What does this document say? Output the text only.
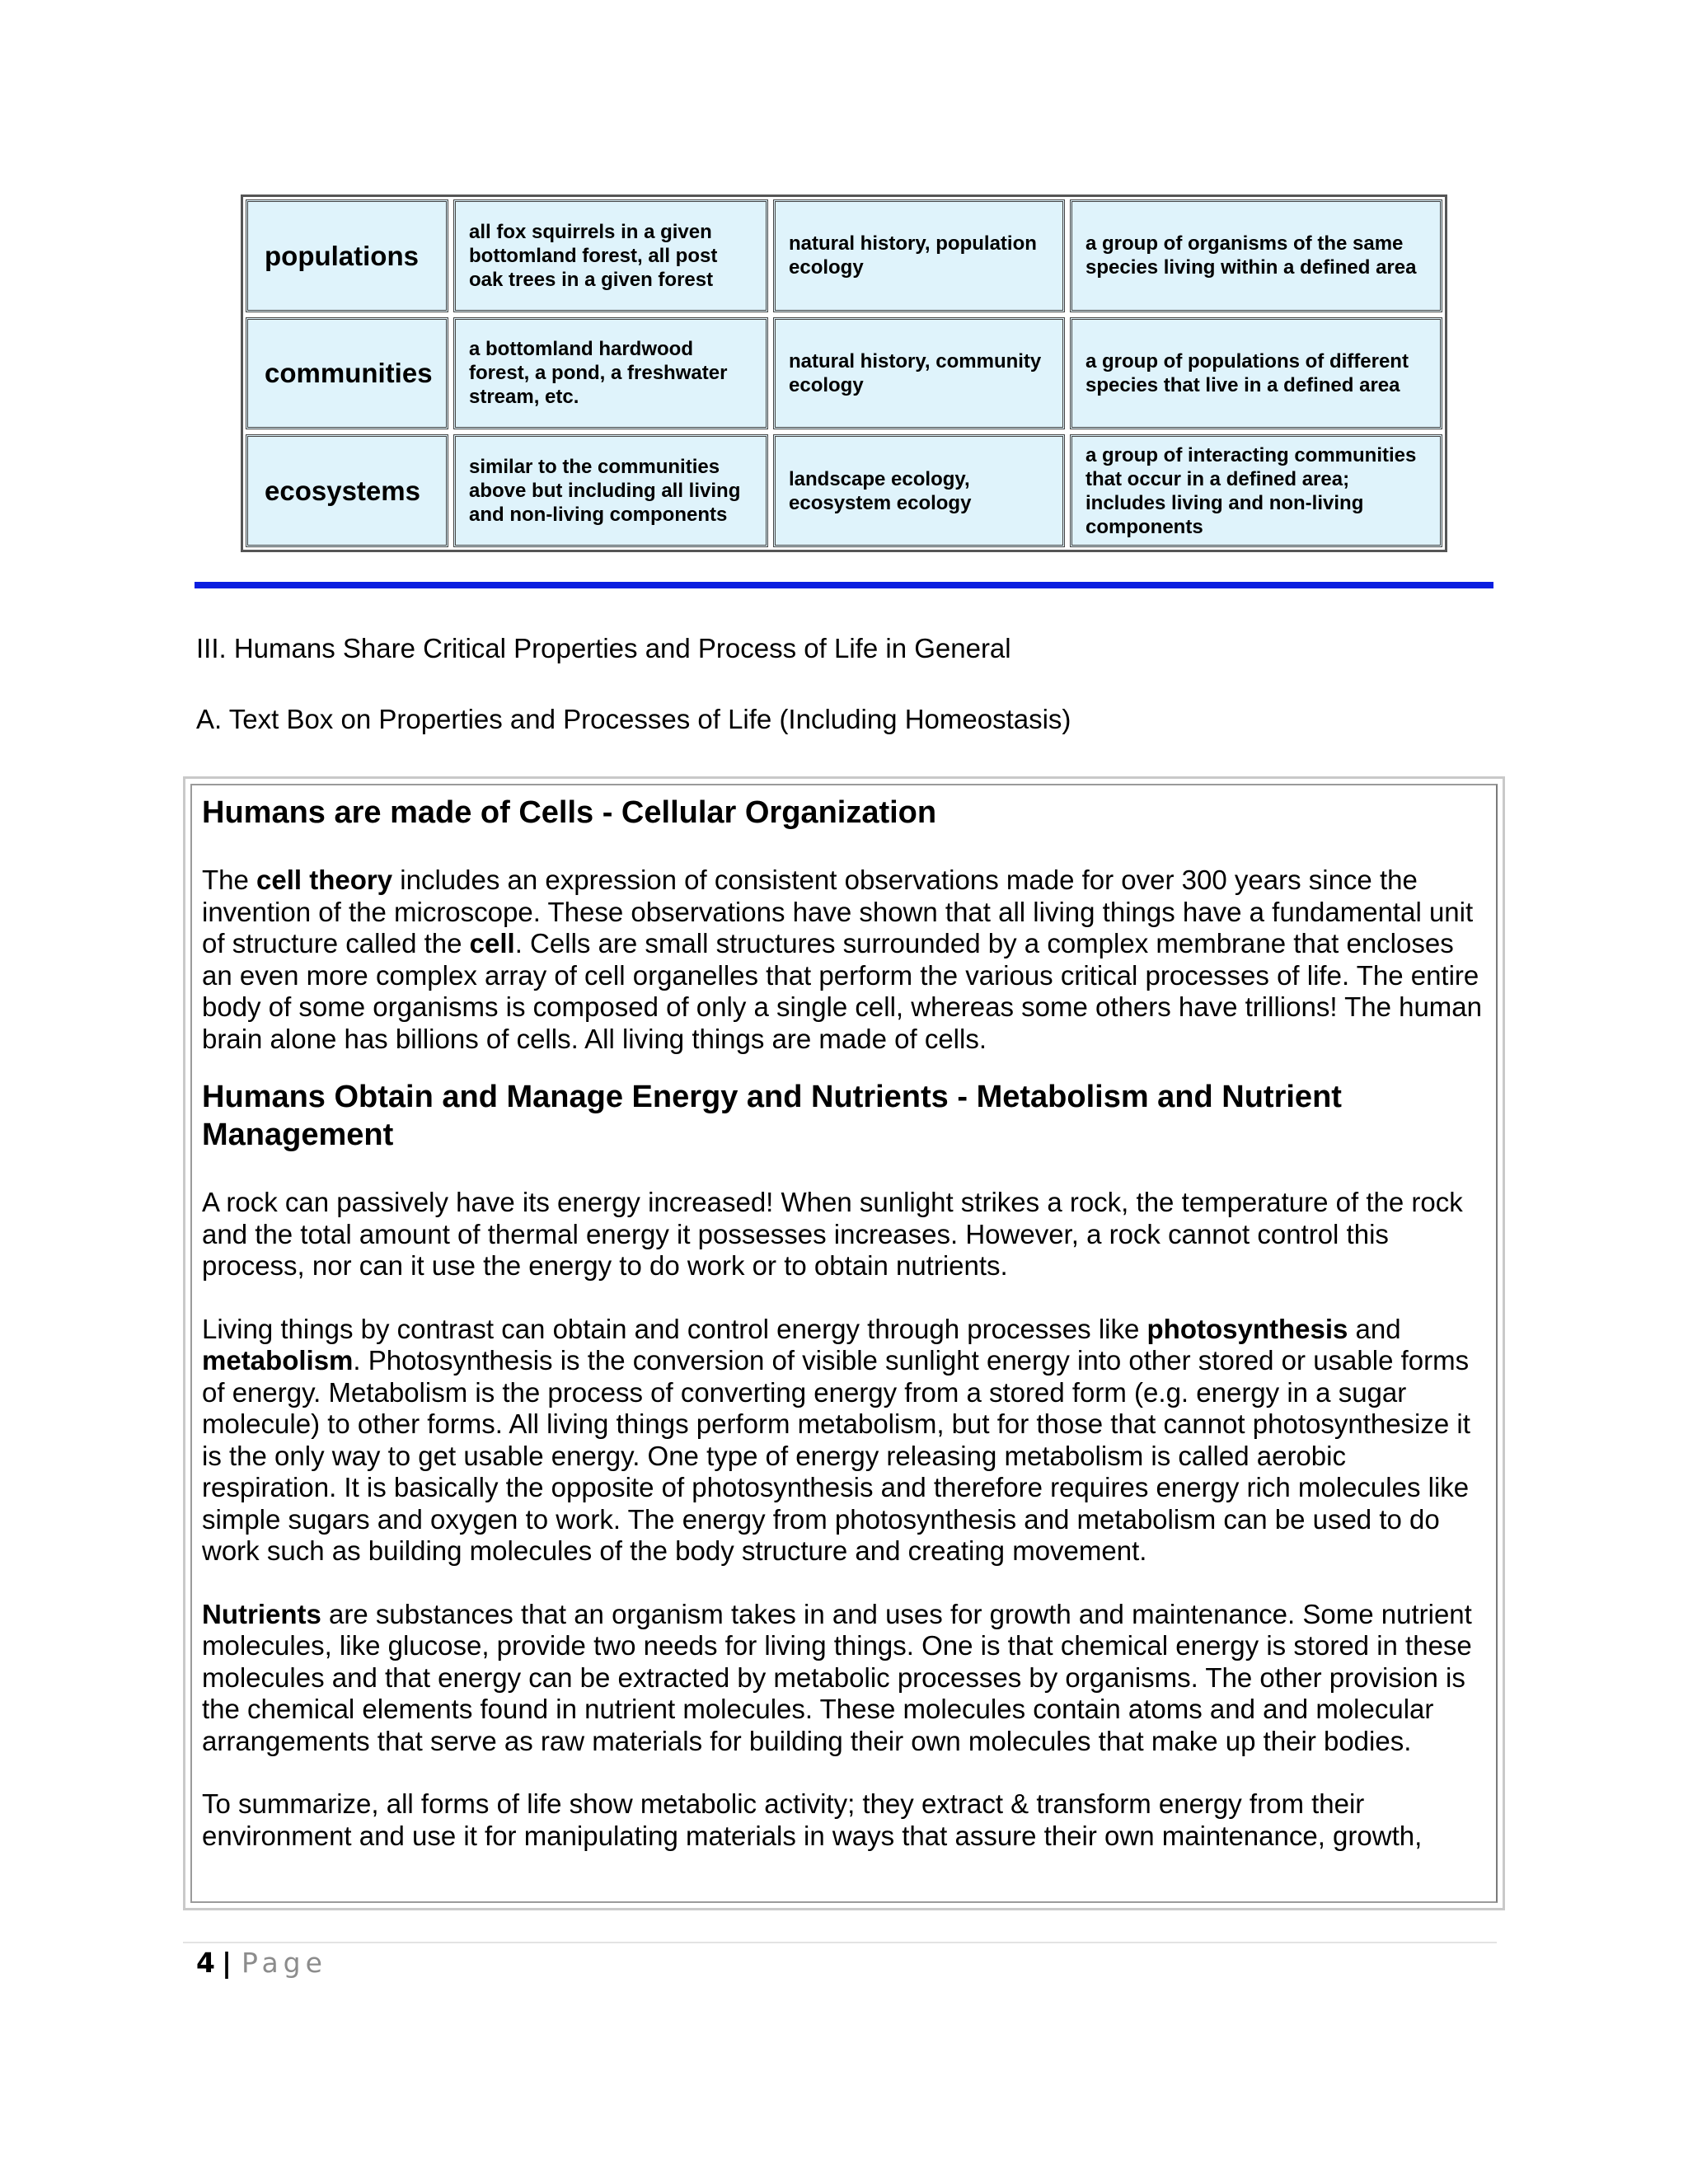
populations
all fox squirrels in a given bottomland forest, all post oak trees in a given forest
natural history, population ecology
a group of organisms of the same species living within a defined area
communities
a bottomland hardwood forest, a pond, a freshwater stream, etc.
natural history, community ecology
a group of populations of different species that live in a defined area
ecosystems
similar to the communities above but including all living and non-living components
landscape ecology, ecosystem ecology
a group of interacting communities that occur in a defined area; includes living and non-living components
III. Humans Share Critical Properties and Process of Life in General
A. Text Box on Properties and Processes of Life (Including Homeostasis)
Humans are made of Cells - Cellular Organization

The cell theory includes an expression of consistent observations made for over 300 years since the invention of the microscope. These observations have shown that all living things have a fundamental unit of structure called the cell. Cells are small structures surrounded by a complex membrane that encloses an even more complex array of cell organelles that perform the various critical processes of life. The entire body of some organisms is composed of only a single cell, whereas some others have trillions! The human brain alone has billions of cells. All living things are made of cells.

Humans Obtain and Manage Energy and Nutrients - Metabolism and Nutrient Management

A rock can passively have its energy increased! When sunlight strikes a rock, the temperature of the rock and the total amount of thermal energy it possesses increases. However, a rock cannot control this process, nor can it use the energy to do work or to obtain nutrients.

Living things by contrast can obtain and control energy through processes like photosynthesis and metabolism. Photosynthesis is the conversion of visible sunlight energy into other stored or usable forms of energy. Metabolism is the process of converting energy from a stored form (e.g. energy in a sugar molecule) to other forms. All living things perform metabolism, but for those that cannot photosynthesize it is the only way to get usable energy. One type of energy releasing metabolism is called aerobic respiration. It is basically the opposite of photosynthesis and therefore requires energy rich molecules like simple sugars and oxygen to work. The energy from photosynthesis and metabolism can be used to do work such as building molecules of the body structure and creating movement.

Nutrients are substances that an organism takes in and uses for growth and maintenance. Some nutrient molecules, like glucose, provide two needs for living things. One is that chemical energy is stored in these molecules and that energy can be extracted by metabolic processes by organisms. The other provision is the chemical elements found in nutrient molecules. These molecules contain atoms and and molecular arrangements that serve as raw materials for building their own molecules that make up their bodies.

To summarize, all forms of life show metabolic activity; they extract & transform energy from their environment and use it for manipulating materials in ways that assure their own maintenance, growth,

4 | Page
